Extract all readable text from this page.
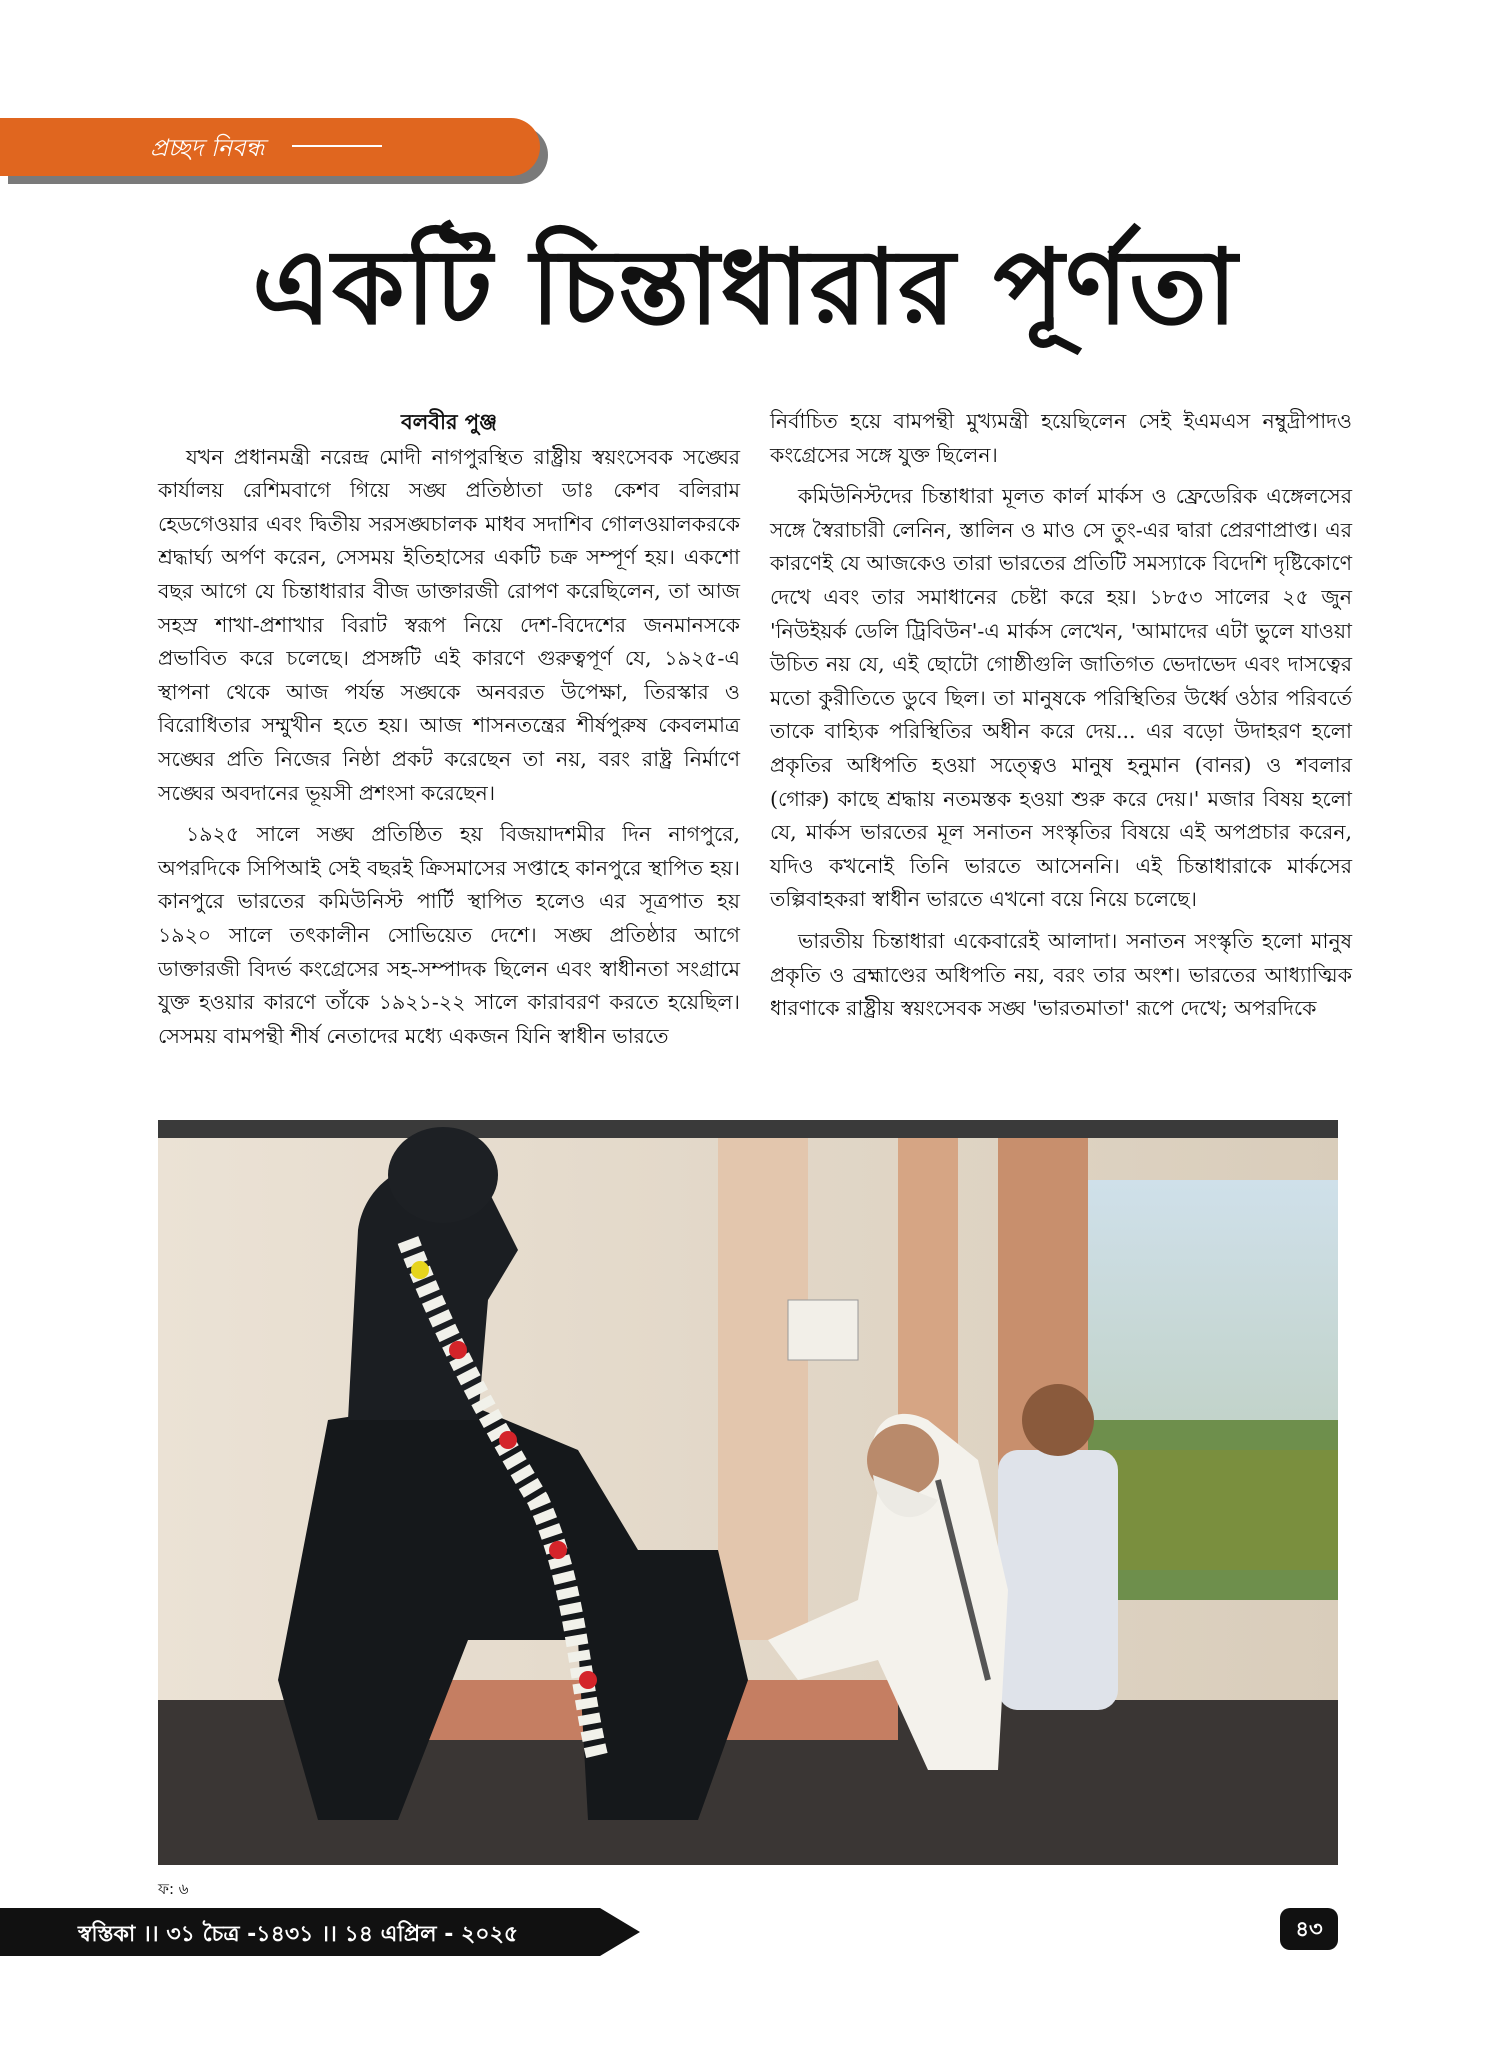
প্রচ্ছদ নিবন্ধ
একটি চিন্তাধারার পূর্ণতা
বলবীর পুঞ্জ

যখন প্রধানমন্ত্রী নরেন্দ্র মোদী নাগপুরস্থিত রাষ্ট্রীয় স্বয়ংসেবক সঙ্ঘের কার্যালয় রেশিমবাগে গিয়ে সঙ্ঘ প্রতিষ্ঠাতা ডাঃ কেশব বলিরাম হেডগেওয়ার এবং দ্বিতীয় সরসঙ্ঘচালক মাধব সদাশিব গোলওয়ালকরকে শ্রদ্ধার্ঘ্য অর্পণ করেন, সেসময় ইতিহাসের একটি চক্র সম্পূর্ণ হয়। একশো বছর আগে যে চিন্তাধারার বীজ ডাক্তারজী রোপণ করেছিলেন, তা আজ সহস্র শাখা-প্রশাখার বিরাট স্বরূপ নিয়ে দেশ-বিদেশের জনমানসকে প্রভাবিত করে চলেছে। প্রসঙ্গটি এই কারণে গুরুত্বপূর্ণ যে, ১৯২৫-এ স্থাপনা থেকে আজ পর্যন্ত সঙ্ঘকে অনবরত উপেক্ষা, তিরস্কার ও বিরোধিতার সম্মুখীন হতে হয়। আজ শাসনতন্ত্রের শীর্ষপুরুষ কেবলমাত্র সঙ্ঘের প্রতি নিজের নিষ্ঠা প্রকট করেছেন তা নয়, বরং রাষ্ট্র নির্মাণে সঙ্ঘের অবদানের ভূয়সী প্রশংসা করেছেন।

১৯২৫ সালে সঙ্ঘ প্রতিষ্ঠিত হয় বিজয়াদশমীর দিন নাগপুরে, অপরদিকে সিপিআই সেই বছরই ক্রিসমাসের সপ্তাহে কানপুরে স্থাপিত হয়। কানপুরে ভারতের কমিউনিস্ট পার্টি স্থাপিত হলেও এর সূত্রপাত হয় ১৯২০ সালে তৎকালীন সোভিয়েত দেশে। সঙ্ঘ প্রতিষ্ঠার আগে ডাক্তারজী বিদর্ভ কংগ্রেসের সহ-সম্পাদক ছিলেন এবং স্বাধীনতা সংগ্রামে যুক্ত হওয়ার কারণে তাঁকে ১৯২১-২২ সালে কারাবরণ করতে হয়েছিল। সেসময় বামপন্থী শীর্ষ নেতাদের মধ্যে একজন যিনি স্বাধীন ভারতে

নির্বাচিত হয়ে বামপন্থী মুখ্যমন্ত্রী হয়েছিলেন সেই ইএমএস নম্বুদ্রীপাদও কংগ্রেসের সঙ্গে যুক্ত ছিলেন।

কমিউনিস্টদের চিন্তাধারা মূলত কার্ল মার্কস ও ফ্রেডেরিক এঙ্গেলসের সঙ্গে স্বৈরাচারী লেনিন, স্তালিন ও মাও সে তুং-এর দ্বারা প্রেরণাপ্রাপ্ত। এর কারণেই যে আজকেও তারা ভারতের প্রতিটি সমস্যাকে বিদেশি দৃষ্টিকোণে দেখে এবং তার সমাধানের চেষ্টা করে হয়। ১৮৫৩ সালের ২৫ জুন 'নিউইয়র্ক ডেলি ট্রিবিউন'-এ মার্কস লেখেন, 'আমাদের এটা ভুলে যাওয়া উচিত নয় যে, এই ছোটো গোষ্ঠীগুলি জাতিগত ভেদাভেদ এবং দাসত্বের মতো কুরীতিতে ডুবে ছিল। তা মানুষকে পরিস্থিতির উর্ধ্বে ওঠার পরিবর্তে তাকে বাহ্যিক পরিস্থিতির অধীন করে দেয়... এর বড়ো উদাহরণ হলো প্রকৃতির অধিপতি হওয়া সত্ত্বেও মানুষ হনুমান (বানর) ও শবলার (গোরু) কাছে শ্রদ্ধায় নতমস্তক হওয়া শুরু করে দেয়।' মজার বিষয় হলো যে, মার্কস ভারতের মূল সনাতন সংস্কৃতির বিষয়ে এই অপপ্রচার করেন, যদিও কখনোই তিনি ভারতে আসেননি। এই চিন্তাধারাকে মার্কসের তল্পিবাহকরা স্বাধীন ভারতে এখনো বয়ে নিয়ে চলেছে।

ভারতীয় চিন্তাধারা একেবারেই আলাদা। সনাতন সংস্কৃতি হলো মানুষ প্রকৃতি ও ব্রহ্মাণ্ডের অধিপতি নয়, বরং তার অংশ। ভারতের আধ্যাত্মিক ধারণাকে রাষ্ট্রীয় স্বয়ংসেবক সঙ্ঘ 'ভারতমাতা' রূপে দেখে; অপরদিকে

ফ: ৬
স্বস্তিকা ।। ৩১ চৈত্র -১৪৩১ ।। ১৪ এপ্রিল - ২০২৫	৪৩
